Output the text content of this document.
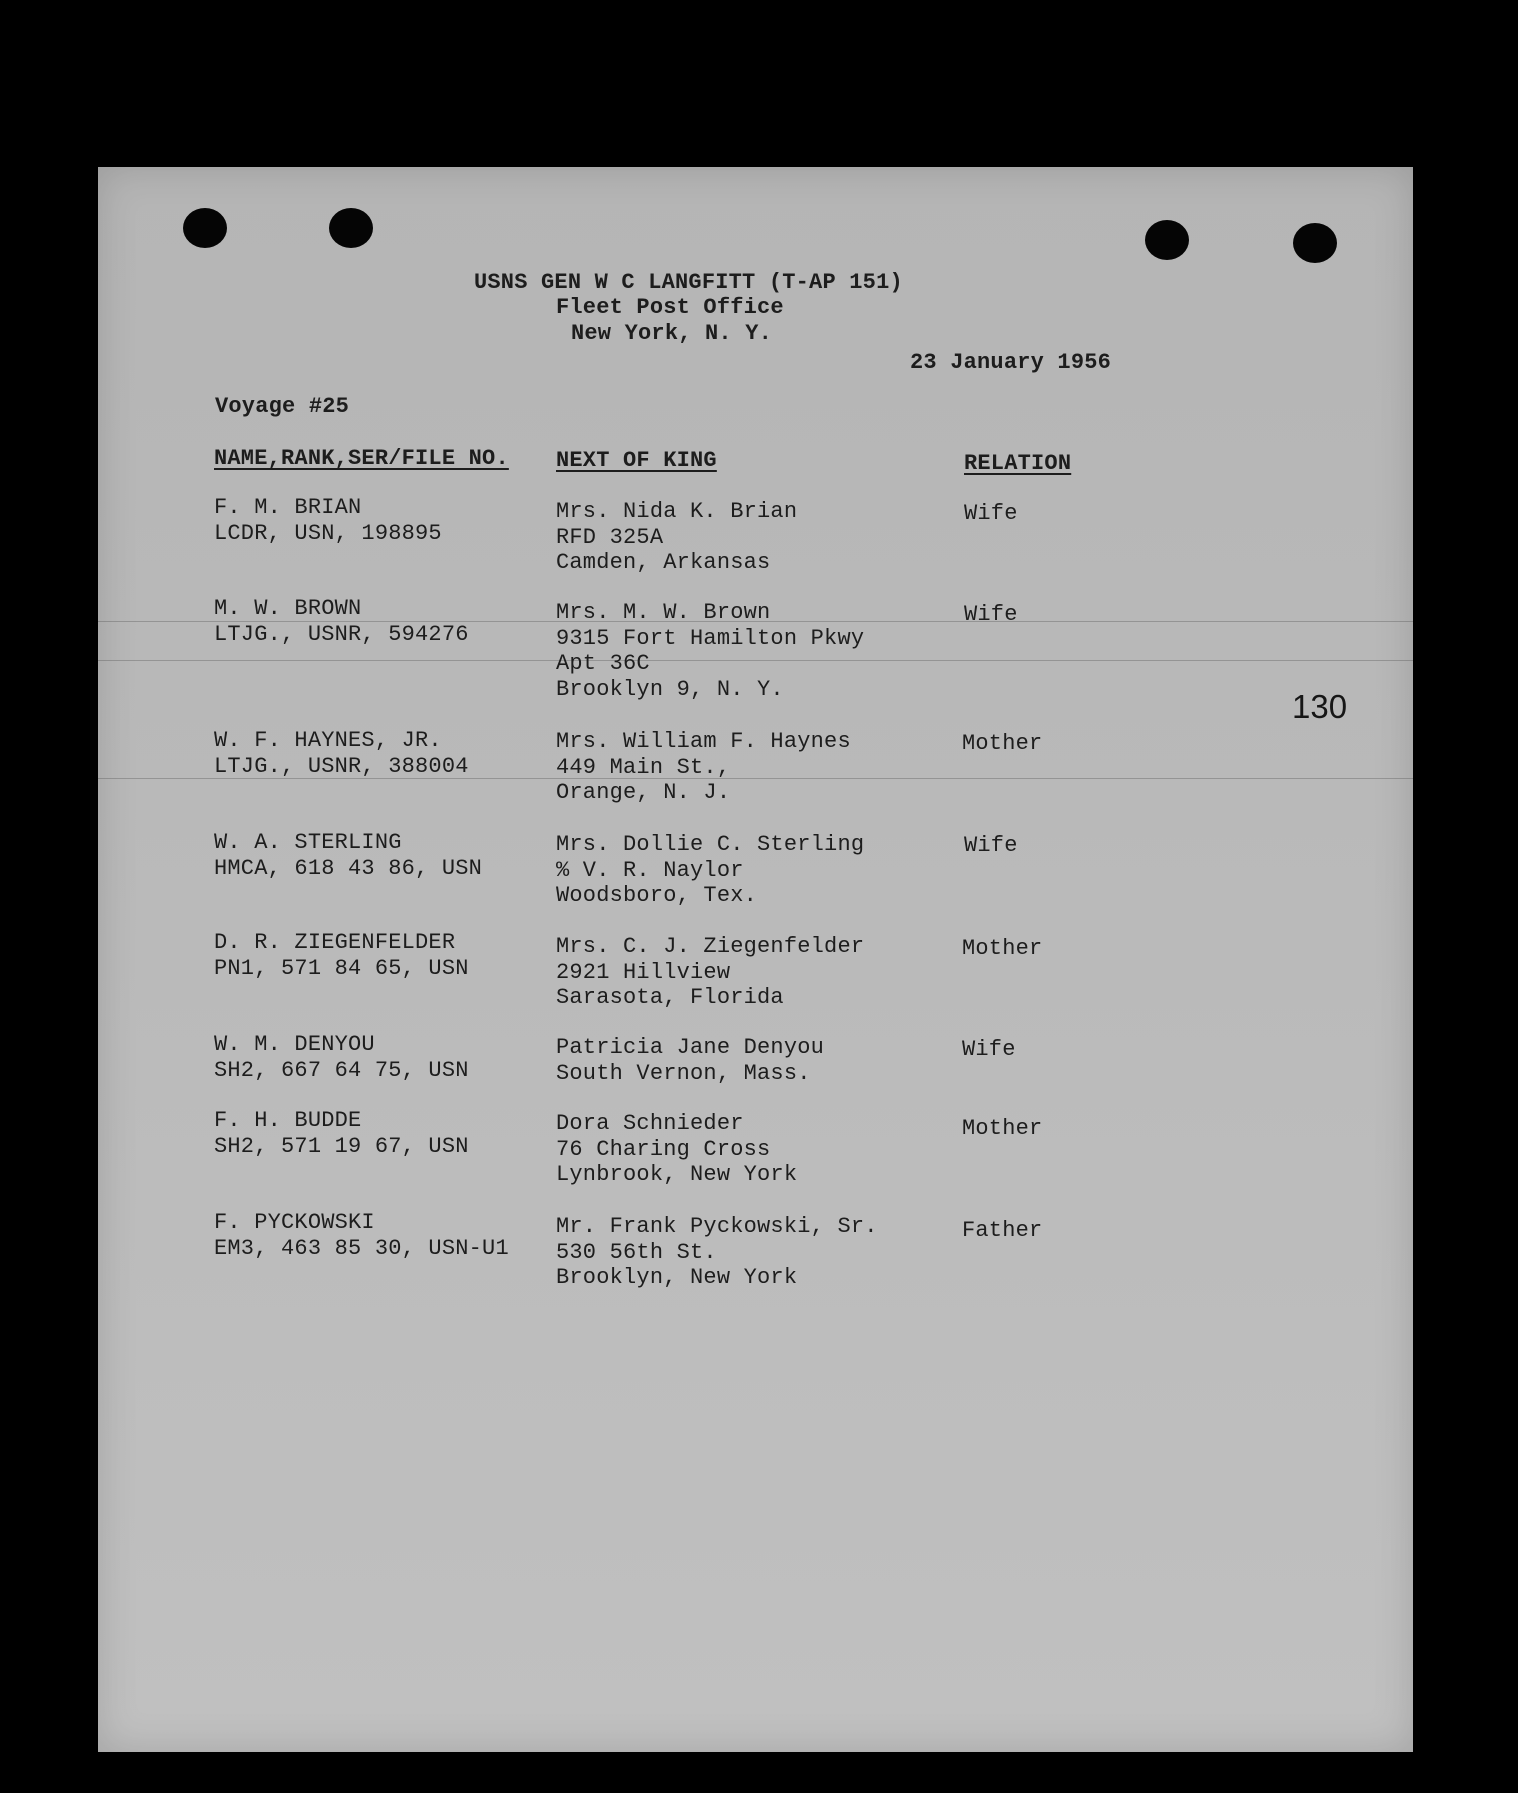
USNS GEN W C LANGFITT (T-AP 151)

Fleet Post Office

New York, N. Y.

23 January 1956

Voyage #25

NAME,RANK,SER/FILE NO. NEXT OF KING	RELATION

F. M. BRIAN
LCDR, USN, 198895
Mrs. Nida K. Brian
RFD 325A
Camden, Arkansas

Wife

M. W. BROWN
LTJG., USNR, 594276
Mrs. M. W. Brown
9315 Fort Hamilton Pkwy
Apt 36C
Brooklyn 9, N. Y.

Wife

130

W. F. HAYNES, JR.
LTJG., USNR, 388004
Mrs. William F. Haynes
449 Main St.,
Orange, N. J.

Mother

W. A. STERLING
HMCA, 618 43 86, USN
Mrs. Dollie C. Sterling
% V. R. Naylor
Woodsboro, Tex.

Wife

D. R. ZIEGENFELDER
PN1, 571 84 65, USN
Mrs. C. J. Ziegenfelder
2921 Hillview
Sarasota, Florida

Mother

W. M. DENYOU
SH2, 667 64 75, USN
Patricia Jane Denyou
South Vernon, Mass.

Wife

F. H. BUDDE
SH2, 571 19 67, USN
Dora Schnieder
76 Charing Cross
Lynbrook, New York

Mother

F. PYCKOWSKI
EM3, 463 85 30, USN-U1
Mr. Frank Pyckowski, Sr.
530 56th St.
Brooklyn, New York

Father
